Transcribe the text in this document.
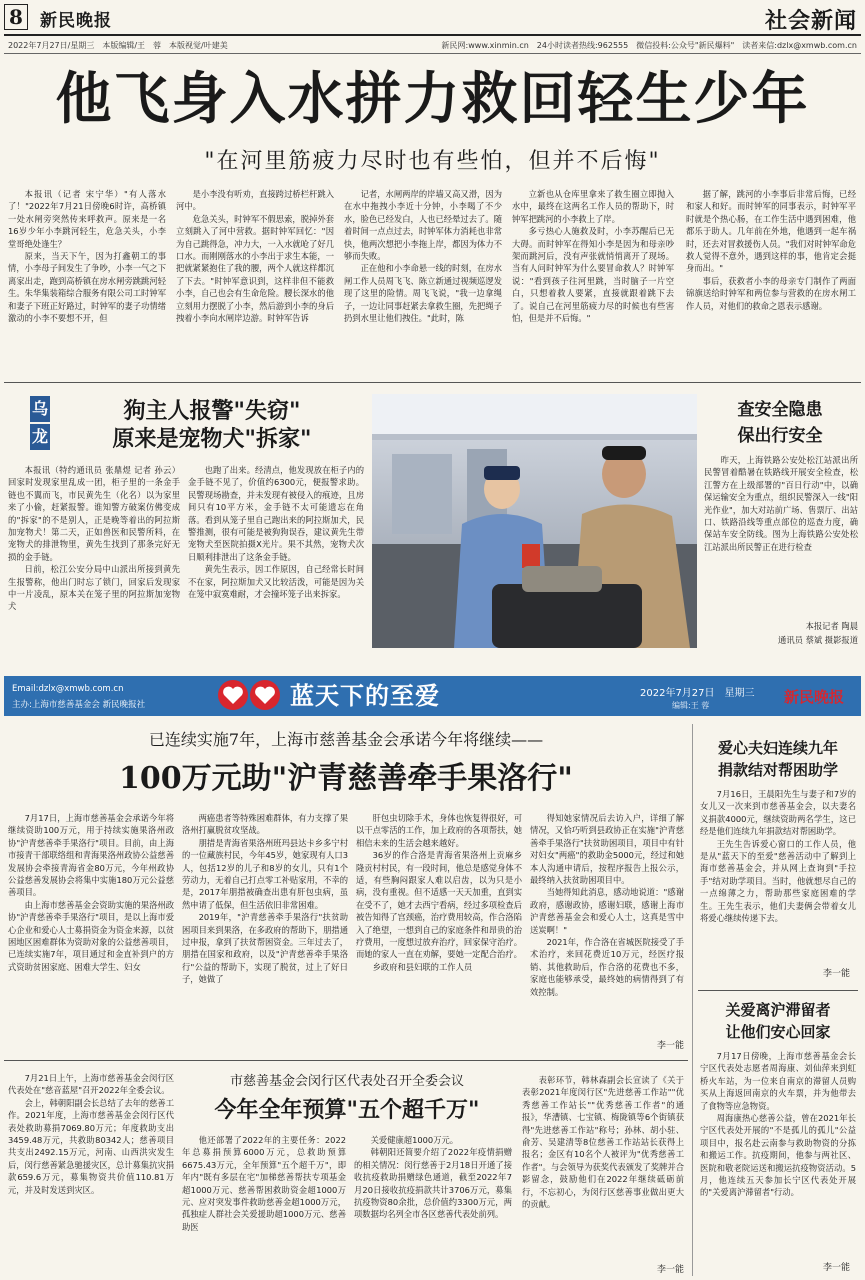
8 新民晚报	社会新闻
2022年7月27日/星期三　本版编辑/王　蓉　本版视觉/叶建美	新民网:www.xinmin.cn　24小时读者热线:962555　微信投料:公众号"新民爆料"　读者来信:dzlx@xmwb.com.cn
他飞身入水拼力救回轻生少年
"在河里筋疲力尽时也有些怕，但并不后悔"

本报讯（记者 宋宁华）"有人落水了！"2022年7月21日傍晚6时许，高桥镇一处水闸旁突然传来呼救声。原来是一名16岁少年小李跳河轻生，危急关头，小李堂哥绝处逢生？

原来，当天下午，因为打鑫朝工的事情，小李母子间发生了争吵，小李一气之下离家出走，跑到高桥镇在房水闸旁跳跳河轻生。朱华集装箱综合服务有限公司工时钟军和妻子下班正好路过，时钟军的妻子功情绪激动的小李不要想不开，但

是小李没有听劝，直接跨过桥栏杆跳入河中。

危急关头，时钟军不假思索，脱掉外套立刻跳入了河中营救。据时钟军回忆："因为自己跳得急，冲力大，一入水就呛了好几口水。而刚刚落水的小李出于求生本能，一把就紧紧抱住了我的腰，两个人就这样都沉了下去。"时钟军意识到，这样非但不能救小李，自己也会有生命危险。腰长深水的他立刻用力摆脱了小李，然后游到小李的身后拽着小李向水闸岸边游。时钟军告诉

记者，水闸两岸的岸墙又高又滑，因为在水中拖拽小李近十分钟，小李喝了不少水，脸色已经发白，人也已经晕过去了。随着时间一点点过去，时钟军体力消耗也非常快，他两次想把小李拖上岸，都因为体力不够而失败。

正在他和小李命悬一线的时刻，在房水闸工作人员周飞飞、陈立新通过视频巡逻发现了这里的险情。周飞飞说，"我一边拿绳子，一边让同事赶紧去拿救生圈，先把绳子扔到水里让他们拽住。"此时，陈

立新也从仓库里拿来了救生圈立即抛入水中，最终在这两名工作人员的帮助下，时钟军把跳河的小李救上了岸。

多亏热心人施救及时，小李苏醒后已无大碍。而时钟军在得知小李是因为和母亲吵架而跳河后，没有声张就悄悄离开了现场。当有人问时钟军为什么要冒命救人？时钟军说："看到孩子往河里跳，当时脑子一片空白，只想着救人要紧，直接就跟着跳下去了。说自己在河里筋疲力尽的时候也有些害怕，但是并不后悔。"

据了解，跳河的小李事后非常后悔，已经和家人和好。而时钟军的同事表示，时钟军平时就是个热心肠，在工作生活中遇到困难，他都乐于助人。几年前在外地，他遇到一起车祸时，还去对冒救援伤人员。"我们对时钟军命危救人觉得不意外，遇到这样的事，他肯定会挺身而出。"

事后，获救者小李的母亲专门制作了两面锦旗送给时钟军和两位参与营救的在房水闸工作人员，对他们的救命之恩表示感谢。

乌
龙
狗主人报警"失窃"
原来是宠物犬"拆家"

本报讯（特约通讯员 张鼎煜 记者 孙云）回家时发现家里乱成一团，柜子里的一条金手链也不翼而飞，市民黄先生（化名）以为家里来了小偷，赶紧报警。谁知警方破案仿佛变成的"拆家"的不是别人，正是晚等着出的阿拉斯加宠物犬！第二天，正如兽医和民警所料，在宠物犬的排泄物里，黄先生找到了那条完好无损的金手链。

日前，松江公安分局中山派出所接到黄先生报警称，他出门时忘了锁门，回家后发现家中一片凌乱，原本关在笼子里的阿拉斯加宠物犬

也跑了出来。经清点，他发现放在柜子内的金手链不见了，价值约6300元，便报警求助。民警现场勘查，并未发现有被侵入的痕迹，且房间只有10平方米，金手链不太可能遗忘在角落。看到从笼子里自己跑出来的阿拉斯加犬，民警推测，很有可能是被狗狗误吞，建议黄先生带宠物犬至医院拍摄X光片。果不其然，宠物犬次日顺利排泄出了这条金手链。

黄先生表示，因工作原因，自己经常长时间不在家，阿拉斯加犬又比较活泼，可能是因为关在笼中寂寞难耐，才会撞坏笼子出来拆家。

查安全隐患
保出行安全

昨天，上海铁路公安处松江站派出所民警冒着酷暑在铁路线开展安全检查，松江警方在上级部署的"百日行动"中，以确保运输安全为重点，组织民警深入一线"阳光作业"，加大对站前广场、售票厅、出站口、铁路沿线等重点部位的巡查力度，确保站车安全防线。图为上海铁路公安处松江站派出所民警正在进行检查

本报记者 陶晨
通讯员 蔡斌 摄影报道
Email:dzlx@xmwb.com.cn
主办:上海市慈善基金会 新民晚报社	蓝天下的至爱	2022年7月27日　星期三
编辑:王 蓉	新民晚报
已连续实施7年，上海市慈善基金会承诺今年将继续——
100万元助"沪青慈善牵手果洛行"

7月17日，上海市慈善基金会承诺今年将继续资助100万元，用于持续实施果洛州政协"沪青慈善牵手果洛行"项目。目前，由上海市接青干部联络组和青海果洛州政协公益慈善发展协会牵接青海省金80万元，今年州政协公益慈善发展协会将集中实施180万元公益慈善项目。

由上海市慈善基金会资助实施的果洛州政协"沪青慈善牵手果洛行"项目，是以上海市爱心企业和爱心人士募捐资金为资金来源，以贫困地区困难群体为资助对象的公益慈善项目，已连续实施7年，项目通过和金直补到户的方式资助贫困家庭、困难大学生、妇女

两癌患者等特殊困难群体，有力支撑了果洛州打赢脱贫攻坚战。

朋措是青海省果洛州班玛县达卡乡多宁村的一位藏族村民，今年45岁，她家现有人口3人，包括12岁的儿子和8岁的女儿，只有1个劳动力，无着自己打点零工补贴家用，不幸的是，2017年朋措被确查出患有肝包虫病，虽然申请了低保，但生活依旧非常困难。

2019年，"沪青慈善牵手果洛行"扶贫助困项目来到果洛，在多政府的帮助下，朋措通过申报，拿到了扶贫帮困资金。三年过去了，朋措在国家和政府，以及"沪青慈善牵手果洛行"公益的帮助下，实现了脱贫，过上了好日子，她做了

肝包虫切除手术，身体也恢复得很好，可以干点零活的工作，加上政府的各项帮扶，她相信未来的生活会越来越好。

36岁的作合洛是青海省果洛州上贡麻乡隆贡村村民，有一段时间，他总是感觉身体不适，有些胸闷跟家人难以启齿，以为只是小病，没有重视。但不适感一天天加重，直到实在受不了，她才去西宁看病，经过多项检查后被告知得了宫颈癌，治疗费用较高，作合洛陷入了绝望，一想到自己的家庭条件和昂贵的治疗费用，一度想过放弃治疗，回家保守治疗。而她的家人一直在劝解，要她一定配合治疗。

乡政府和县妇联的工作人员

得知她家情况后去访入户，详细了解情况，又恰巧听到县政协正在实施"沪青慈善牵手果洛行"扶贫助困项目，项目中有针对妇女"两癌"的救助金5000元，经过和她本人沟通申请后，按程序报告上报公示，最终纳入扶贫助困项目中。

当她得知此消息，感动地说道："感谢政府，感谢政协，感谢妇联，感谢上海市沪青慈善基金会和爱心人士，这真是雪中送炭啊！"

2021年，作合洛在省城医院接受了手术治疗，来回花费近10万元，经医疗报销、其他救助后，作合洛的花费也不多，家庭也能够承受，最终她的病情得到了有效控制。

李一能
爱心夫妇连续九年
捐款结对帮困助学

7月16日，王晨阳先生与妻子和7岁的女儿又一次来到市慈善基金会，以夫妻名义捐款4000元，继续资助两名学生，这已经是他们连续九年捐款结对帮困助学。

王先生告诉爱心窗口的工作人员，他是从"蓝天下的至爱"慈善活动中了解到上海市慈善基金会，并从网上查询到"手拉手"结对助学项目。当时，他就想尽自己的一点绵薄之力，帮助那些家庭困难的学生。王先生表示，他们夫妻俩会带着女儿将爱心继续传递下去。

李一能
关爱离沪滞留者
让他们安心回家

7月17日傍晚，上海市慈善基金会长宁区代表处志愿者周海康、刘仙萍来到虹桥火车站，为一位来自南京的滞留人员购买从上海返回南京的火车票，并为他带去了食物等应急物资。

周海康热心慈善公益，曾在2021年长宁区代表处开展的"不是孤儿的孤儿"公益项目中，报名赴云南参与救助物资的分拣和搬运工作。抗疫期间，他参与两社区、医院和敬老院运送和搬运抗疫物资活动。5月，他连续五天参加长宁区代表处开展的"关爱离沪滞留者"行动。

李一能

7月21日上午，上海市慈善基金会闵行区代表处在"慈音蓝屋"召开2022年全委会议。

会上，韩朝阳副会长总结了去年的慈善工作。2021年度，上海市慈善基金会闵行区代表处救助募捐7069.80万元；年度救助支出3459.48万元，共救助80342人；慈善项目共支出2492.15万元，河南、山西洪灾发生后，闵行慈善紧急驰援灾区，总计募集抗灾捐款659.6万元，募集物资共价值110.81万元，并及时发送到灾区。

市慈善基金会闵行区代表处召开全委会议
今年全年预算"五个超千万"

他还部署了2022年的主要任务：2022年总募捐预算6000万元，总救助预算6675.43万元，全年预算"五个超千万"，即年内"既有多层在宅"加梯慈善帮扶专项基金超1000万元、慈善帮困救助资金超1000万元、应对突发事件救助慈善金超1000万元，孤独症人群社会关爱援助超1000万元、慈善助医

关爱健康超1000万元。

韩朝阳还简要介绍了2022年疫情捐赠的相关情况：闵行慈善于2月18日开通了接收抗疫救助捐赠绿色通道，截至2022年7月20日接收抗疫捐款共计3706万元，募集抗疫物资80余批，总价值约3300万元，两项数据均名列全市各区慈善代表处前列。

表彰环节，韩林森副会长宣读了《关于表彰2021年度闵行区"先进慈善工作站""优秀慈善工作站长""优秀慈善工作者"的通报》，华漕镇、七宝镇、梅陇镇等6个街镇获得"先进慈善工作站"称号；孙林、胡小驻、俞芳、吴建清等8位慈善工作站站长获得上报名；金区有10名个人被评为"优秀慈善工作者"。与会领导为获奖代表颁发了奖牌并合影留念，鼓励他们在2022年继续砥砺前行，不忘初心，为闵行区慈善事业做出更大的贡献。

李一能
